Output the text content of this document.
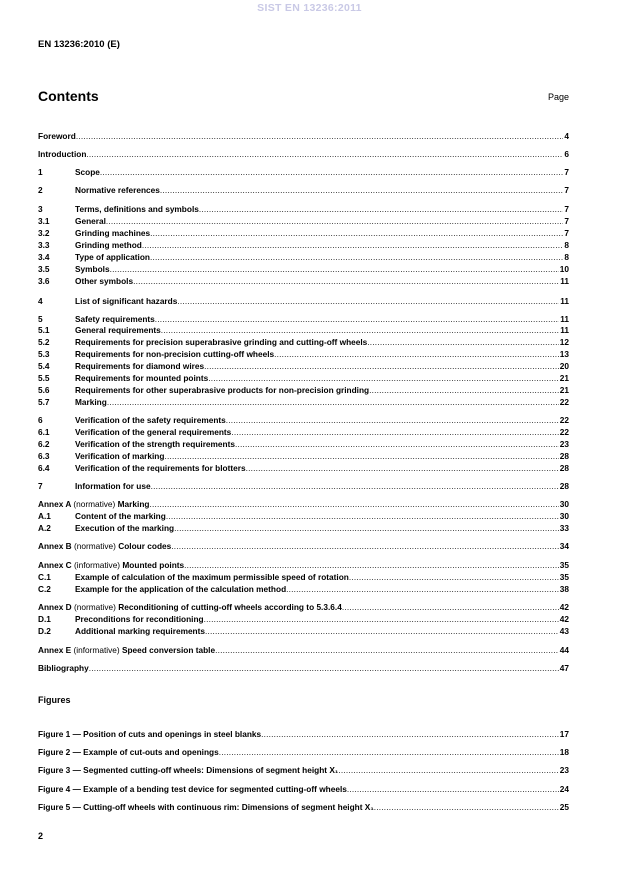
SIST EN 13236:2011
EN 13236:2010 (E)
Contents	Page
Foreword .....	4
Introduction .....	6
1	Scope .....	7
2	Normative references .....	7
3	Terms, definitions and symbols .....	7
3.1	General .....	7
3.2	Grinding machines .....	7
3.3	Grinding method .....	8
3.4	Type of application .....	8
3.5	Symbols .....	10
3.6	Other symbols .....	11
4	List of significant hazards .....	11
5	Safety requirements .....	11
5.1	General requirements .....	11
5.2	Requirements for precision superabrasive grinding and cutting-off wheels .....	12
5.3	Requirements for non-precision cutting-off wheels .....	13
5.4	Requirements for diamond wires .....	20
5.5	Requirements for mounted points .....	21
5.6	Requirements for other superabrasive products for non-precision grinding .....	21
5.7	Marking .....	22
6	Verification of the safety requirements .....	22
6.1	Verification of the general requirements .....	22
6.2	Verification of the strength requirements .....	23
6.3	Verification of marking .....	28
6.4	Verification of the requirements for blotters .....	28
7	Information for use .....	28
Annex A (normative) Marking .....	30
A.1	Content of the marking .....	30
A.2	Execution of the marking .....	33
Annex B (normative) Colour codes .....	34
Annex C (informative) Mounted points .....	35
C.1	Example of calculation of the maximum permissible speed of rotation .....	35
C.2	Example for the application of the calculation method .....	38
Annex D (normative) Reconditioning of cutting-off wheels according to 5.3.6.4 .....	42
D.1	Preconditions for reconditioning .....	42
D.2	Additional marking requirements .....	43
Annex E (informative) Speed conversion table .....	44
Bibliography .....	47
Figures
Figure 1 — Position of cuts and openings in steel blanks .....	17
Figure 2 — Example of cut-outs and openings .....	18
Figure 3 — Segmented cutting-off wheels: Dimensions of segment height X₁ .....	23
Figure 4 — Example of a bending test device for segmented cutting-off wheels .....	24
Figure 5 — Cutting-off wheels with continuous rim: Dimensions of segment height X₁ .....	25
2
